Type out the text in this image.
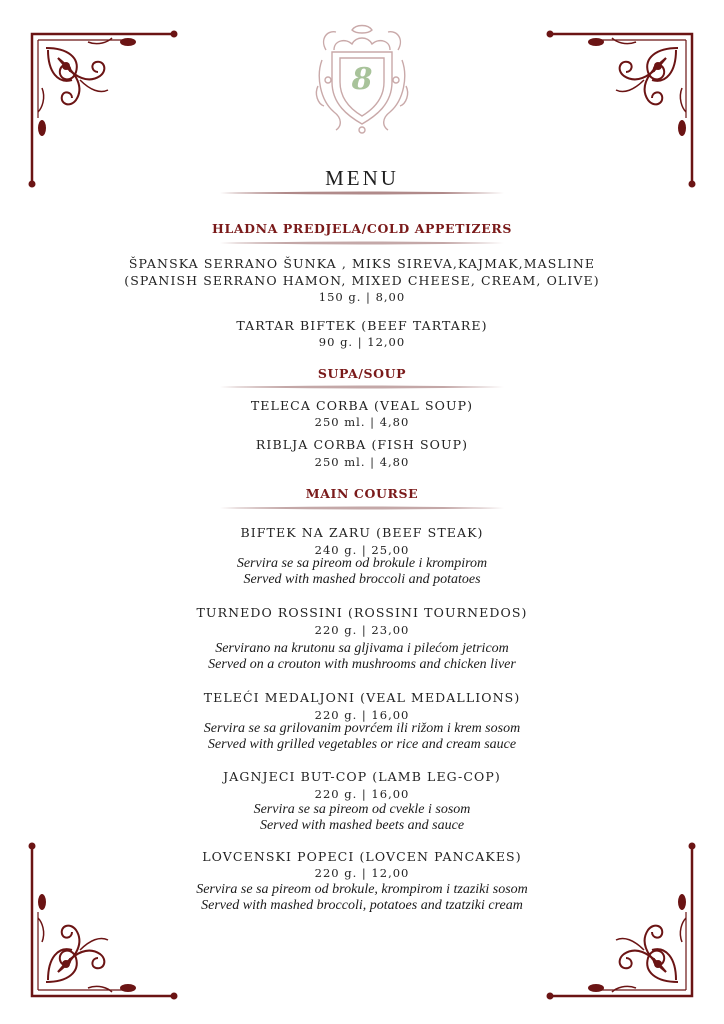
8
MENU
HLADNA PREDJELA/COLD APPETIZERS
ŠPANSKA SERRANO ŠUNKA , MIKS SIREVA,KAJMAK,MASLINE
(SPANISH SERRANO HAMON, MIXED CHEESE, CREAM, OLIVE)
150 g. | 8,00
TARTAR BIFTEK (BEEF TARTARE)
90 g. | 12,00
SUPA/SOUP
TELECA CORBA (VEAL SOUP)
250 ml. | 4,80
RIBLJA CORBA (FISH SOUP)
250 ml. | 4,80
MAIN COURSE
BIFTEK NA ZARU (BEEF STEAK)
240 g. | 25,00
Servira se sa pireom od brokule i krompirom
Served with mashed broccoli and potatoes
TURNEDO ROSSINI (ROSSINI TOURNEDOS)
220 g. | 23,00
Servirano na krutonu sa gljivama i pilećom jetricom
Served on a crouton with mushrooms and chicken liver
TELEĆI MEDALJONI (VEAL MEDALLIONS)
220 g. | 16,00
Servira se sa grilovanim povrćem ili rižom i krem sosom
Served with grilled vegetables or rice and cream sauce
JAGNJECI BUT-COP (LAMB LEG-COP)
220 g. | 16,00
Servira se sa pireom od cvekle i sosom
Served with mashed beets and sauce
LOVCENSKI POPECI (LOVCEN PANCAKES)
220 g. | 12,00
Servira se sa pireom od brokule, krompirom i tzaziki sosom
Served with mashed broccoli, potatoes and tzatziki cream
